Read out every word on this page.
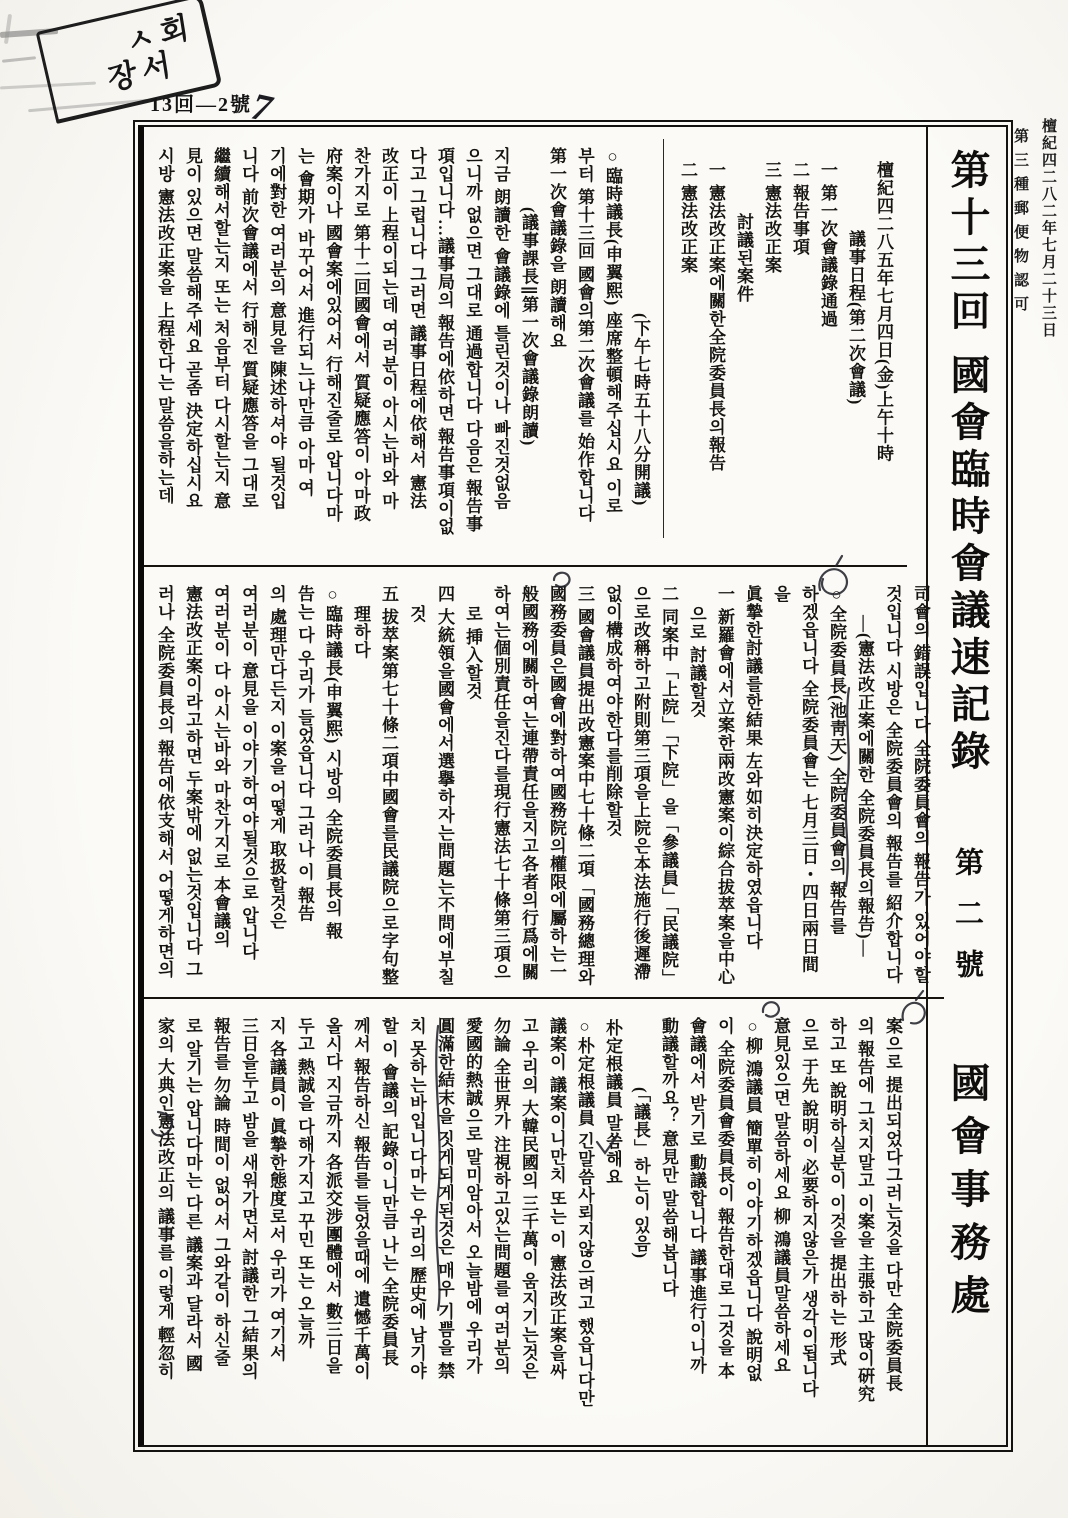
ㅅ회
장서
13回—2號
7
檀紀四二八二年七月二十三日
第三種郵便物認可
第十三回 國會臨時會議速記錄 第二號 國會事務處
檀紀四二八五年七月四日(金)上午十時
議事日程(第二次會議)
一 第一次會議錄通過
二 報告事項
三 憲法改正案
討議된案件
一 憲法改正案에關한全院委員長의報告
二 憲法改正案
(下午七時五十八分開議)
○臨時議長(申翼熙) 座席整頓해주십시요 이로
부터 第十三回 國會의第二次會議를 始作합니다
第一次會議錄을 朗讀해요
(議事課長∥第一次會議錄朗讀)
지금 朗讀한 會議錄에 틀린것이나 빠진것없음
으니까 없으면 그대로 通過합니다 다음은 報告事
項입니다…議事局의 報告에依하면 報告事項이없
다고 그럽니다 그러면 議事日程에依해서 憲法
改正이 上程이되는데 여러분이 아시는바와 마
찬가지로 第十二回國會에서 質疑應答이 아마政
府案이나 國會案에있어서 行해진줄로 압니다마
는 會期가 바꾸어서 進行되느냐만큼 아마 여
기에對한 여러분의 意見을 陳述하셔야 될것입
니다 前次會議에서 行해진 質疑應答을 그대로
繼續해서할는지 또는 처음부터 다시할는지 意
見이 있으면 말씀해주세요 곧좀 決定하십시요
시방 憲法改正案을 上程한다는 말씀을하는데
司會의 錯誤입니다 全院委員會의 報告가 있어야할
것입니다 시방은 全院委員會의 報告를 紹介합니다
—(憲法改正案에關한 全院委員長의報告)—
○全院委員長(池靑天) 全院委員會의 報告를
하겠읍니다 全院委員會는 七月三日・四日兩日間을
眞摯한討議를한結果 左와如히決定하였읍니다
一 新羅會에서立案한兩改憲案이綜合拔萃案을中心
으로 討議할것
二 同案中「上院」「下院」을「參議員」「民議院」
으로改稱하고附則第三項을上院은本法施行後遲滯
없이構成하여야한다를削除할것
三 國會議員提出改憲案中七十條二項「國務總理와
國務委員은國會에對하여國務院의權限에屬하는一
般國務에關하여는連帶責任을지고各者의行爲에關
하여는個別責任을진다를現行憲法七十條第三項으
로 挿入할것
四 大統領을國會에서選擧하자는問題는不問에부칠
것
五 拔萃案第七十條二項中國會를民議院으로字句整
理하다
○臨時議長(申翼熙) 시방의 全院委員長의 報
告는 다 우리가 들었읍니다 그러나 이 報告
의 處理만다든지 이案을 어떻게 取扱할것은
여러분이 意見을 이야기하여야될것으로 압니다
여러분이 다 아시는바와 마찬가지로 本會議의
憲法改正案이라고하면 두案밖에 없는것입니다 그
러나 全院委員長의 報告에依支해서 어떻게하면의
案으로 提出되었다그러는것을 다만 全院委員長
의 報告에 그치지말고 이案을 主張하고 많이硏究
하고 또 說明하실분이 이것을 提出하는 形式
으로 于先 說明이 必要하지않은가 생각이됩니다
意見있으면 말씀하세요 柳 鴻議員말씀하세요
○柳 鴻議員 簡單히 이야기하겠읍니다 說明없
이 全院委員會委員長이 報告한대로 그것을 本
會議에서 받기로 動議합니다 議事進行이니까
動議할까요？ 意見만 말씀해봅니다
(「議長」하는이 있음)
朴定根議員 말씀해요
○朴定根議員 긴말씀사뢰지않으려고 했읍니다만
議案이 議案이니만치 또는 이 憲法改正案을싸
고 우리의 大韓民國의 三千萬이 움지기는것은
勿論 全世界가 注視하고있는問題를 여러분의
愛國的熱誠으로 말미암아서 오늘밤에 우리가
圓滿한結末을 짓게되게된것은 매우 기쁨을 禁
치 못하는바입니다마는 우리의 歷史에 남기야
할 이 會議의 記錄이니만큼 나는 全院委員長
께서 報告하신 報告를 들었을때에 遺憾千萬이
올시다 지금까지 各派交涉團體에서 數三日을
두고 熱誠을 다해가지고 꾸민 또는 오늘까
지 各議員이 眞摯한態度로서 우리가 여기서
三日을두고 밤을 새워가면서 討議한 그結果의
報告를 勿論 時間이 없어서 그와같이 하신줄
로 알기는 압니다마는 다른 議案과 달라서 國
家의 大典인憲法改正의 議事를 이렇게 輕忽히
